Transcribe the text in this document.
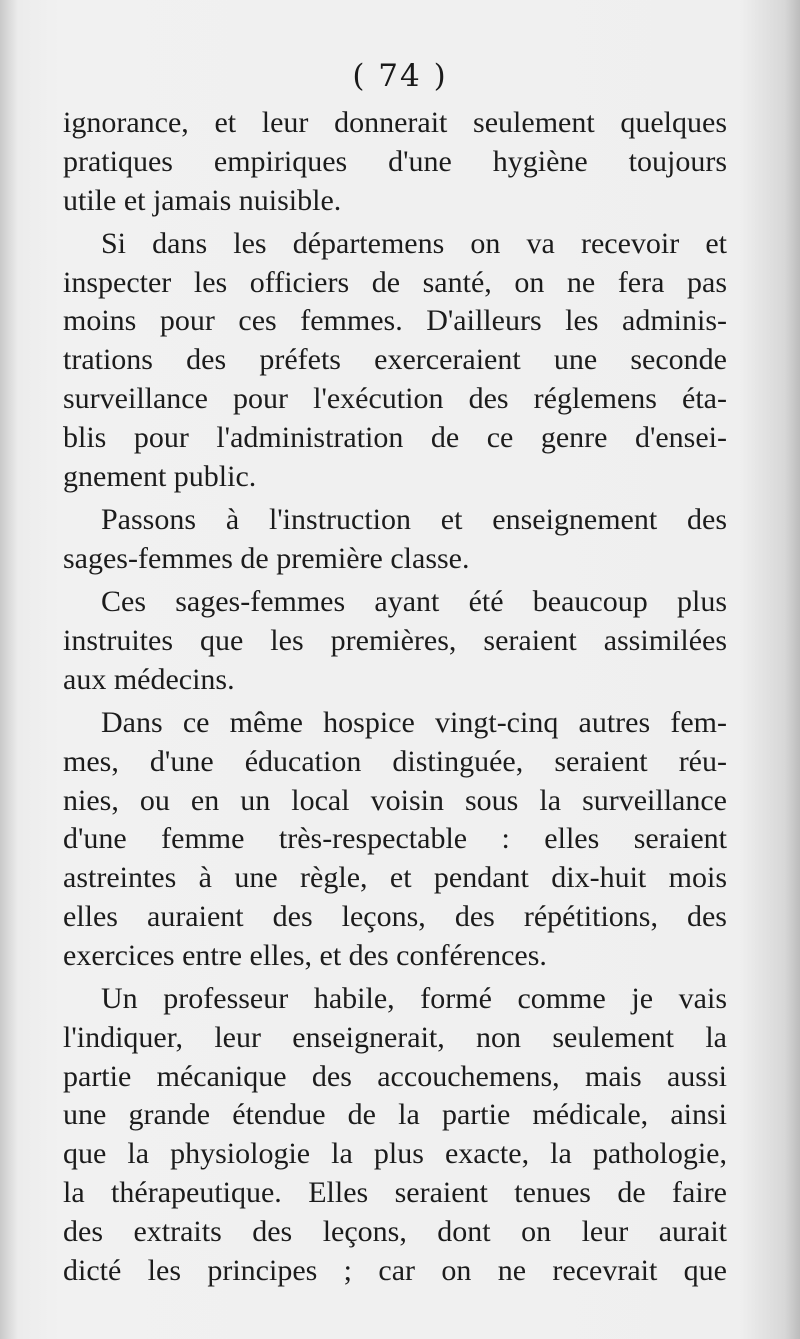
( 74 )

ignorance, et leur donnerait seulement quelques
pratiques empiriques d'une hygiène toujours
utile et jamais nuisible.

Si dans les départemens on va recevoir et
inspecter les officiers de santé, on ne fera pas
moins pour ces femmes. D'ailleurs les adminis-
trations des préfets exerceraient une seconde
surveillance pour l'exécution des réglemens éta-
blis pour l'administration de ce genre d'ensei-
gnement public.

Passons à l'instruction et enseignement des
sages-femmes de première classe.

Ces sages-femmes ayant été beaucoup plus
instruites que les premières, seraient assimilées
aux médecins.

Dans ce même hospice vingt-cinq autres fem-
mes, d'une éducation distinguée, seraient réu-
nies, ou en un local voisin sous la surveillance
d'une femme très-respectable : elles seraient
astreintes à une règle, et pendant dix-huit mois
elles auraient des leçons, des répétitions, des
exercices entre elles, et des conférences.

Un professeur habile, formé comme je vais
l'indiquer, leur enseignerait, non seulement la
partie mécanique des accouchemens, mais aussi
une grande étendue de la partie médicale, ainsi
que la physiologie la plus exacte, la pathologie,
la thérapeutique. Elles seraient tenues de faire
des extraits des leçons, dont on leur aurait
dicté les principes ; car on ne recevrait que
